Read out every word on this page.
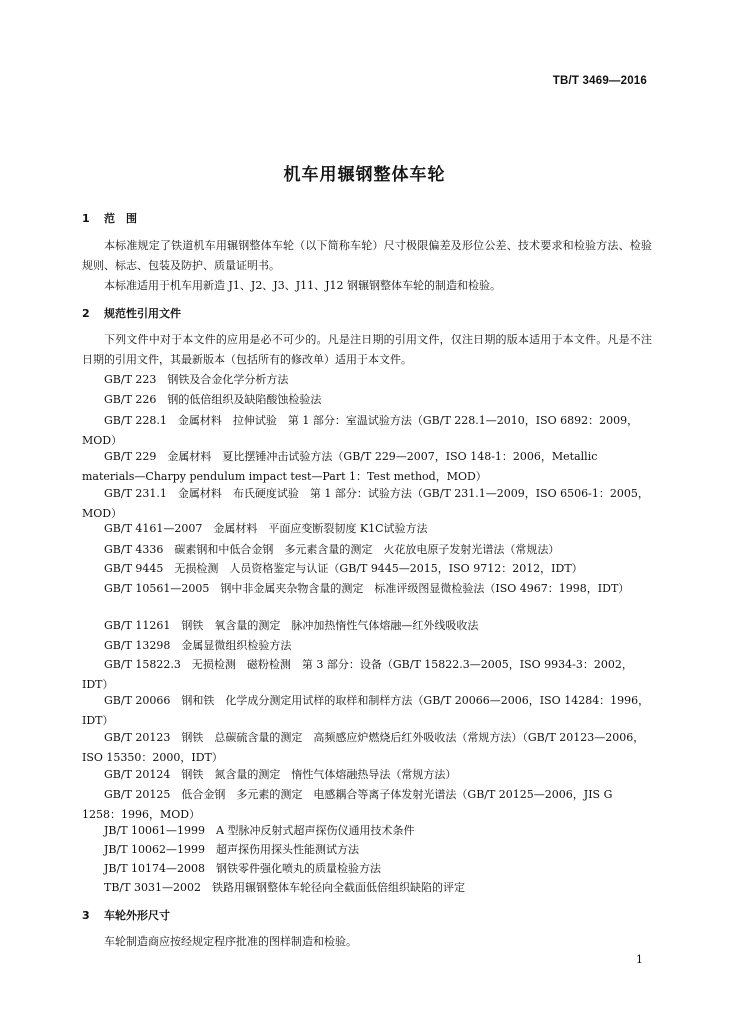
TB/T 3469—2016
机车用辗钢整体车轮
1 范　围

本标准规定了铁道机车用辗钢整体车轮（以下简称车轮）尺寸极限偏差及形位公差、技术要求和检验方法、检验规则、标志、包装及防护、质量证明书。

本标准适用于机车用新造 J1、J2、J3、J11、J12 钢辗钢整体车轮的制造和检验。

2 规范性引用文件

下列文件中对于本文件的应用是必不可少的。凡是注日期的引用文件，仅注日期的版本适用于本文件。凡是不注日期的引用文件，其最新版本（包括所有的修改单）适用于本文件。

GB/T 223　钢铁及合金化学分析方法

GB/T 226　钢的低倍组织及缺陷酸蚀检验法

GB/T 228.1　金属材料　拉伸试验　第 1 部分：室温试验方法（GB/T 228.1—2010，ISO 6892：2009，MOD）

GB/T 229　金属材料　夏比摆锤冲击试验方法（GB/T 229—2007，ISO 148-1：2006，Metallic materials—Charpy pendulum impact test—Part 1：Test method，MOD）

GB/T 231.1　金属材料　布氏硬度试验　第 1 部分：试验方法（GB/T 231.1—2009，ISO 6506-1：2005，MOD）

GB/T 4161—2007　金属材料　平面应变断裂韧度 K1C试验方法

GB/T 4336　碳素钢和中低合金钢　多元素含量的测定　火花放电原子发射光谱法（常规法）

GB/T 9445　无损检测　人员资格鉴定与认证（GB/T 9445—2015，ISO 9712：2012，IDT）

GB/T 10561—2005　钢中非金属夹杂物含量的测定　标准评级图显微检验法（ISO 4967：1998，IDT）

GB/T 11261　钢铁　氧含量的测定　脉冲加热惰性气体熔融—红外线吸收法

GB/T 13298　金属显微组织检验方法

GB/T 15822.3　无损检测　磁粉检测　第 3 部分：设备（GB/T 15822.3—2005，ISO 9934-3：2002，IDT）

GB/T 20066　钢和铁　化学成分测定用试样的取样和制样方法（GB/T 20066—2006，ISO 14284：1996，IDT）

GB/T 20123　钢铁　总碳硫含量的测定　高频感应炉燃烧后红外吸收法（常规方法）（GB/T 20123—2006，ISO 15350：2000，IDT）

GB/T 20124　钢铁　氮含量的测定　惰性气体熔融热导法（常规方法）

GB/T 20125　低合金钢　多元素的测定　电感耦合等离子体发射光谱法（GB/T 20125—2006，JIS G 1258：1996，MOD）

JB/T 10061—1999　A 型脉冲反射式超声探伤仪通用技术条件

JB/T 10062—1999　超声探伤用探头性能测试方法

JB/T 10174—2008　钢铁零件强化喷丸的质量检验方法

TB/T 3031—2002　铁路用辗钢整体车轮径向全截面低倍组织缺陷的评定

3 车轮外形尺寸

车轮制造商应按经规定程序批准的图样制造和检验。

1
